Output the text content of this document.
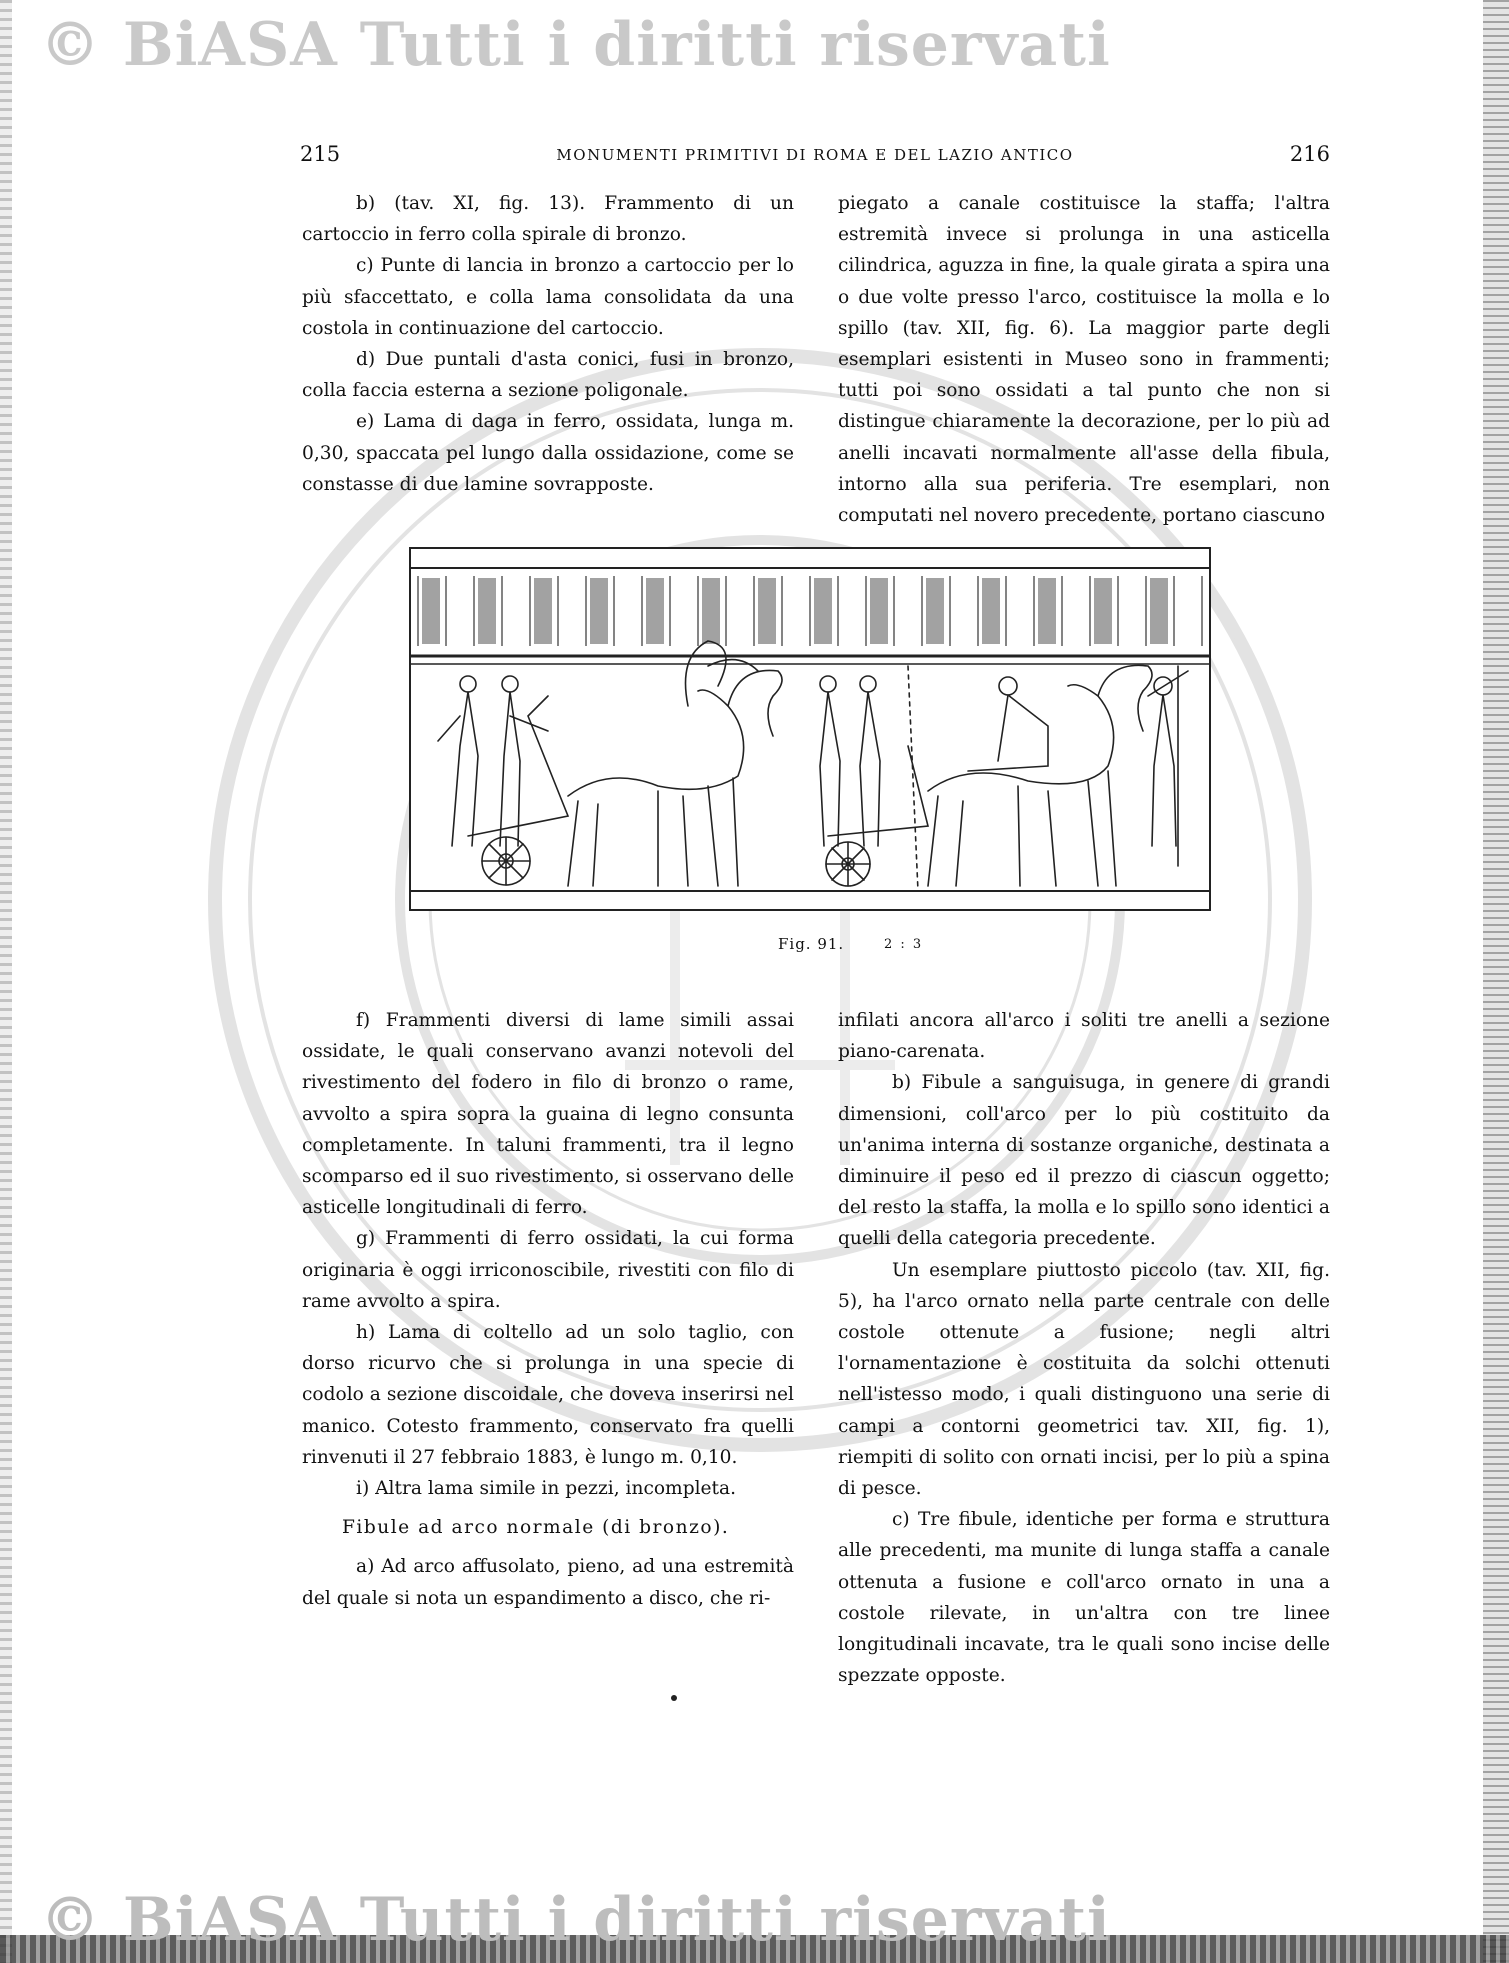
© BiASA Tutti i diritti riservati
© BiASA Tutti i diritti riservati
215	MONUMENTI PRIMITIVI DI ROMA E DEL LAZIO ANTICO	216

b) (tav. XI, fig. 13). Frammento di un cartoccio in ferro colla spirale di bronzo.

c) Punte di lancia in bronzo a cartoccio per lo più sfaccettato, e colla lama consolidata da una costola in continuazione del cartoccio.

d) Due puntali d'asta conici, fusi in bronzo, colla faccia esterna a sezione poligonale.

e) Lama di daga in ferro, ossidata, lunga m. 0,30, spaccata pel lungo dalla ossidazione, come se constasse di due lamine sovrapposte.

piegato a canale costituisce la staffa; l'altra estremità invece si prolunga in una asticella cilindrica, aguzza in fine, la quale girata a spira una o due volte presso l'arco, costituisce la molla e lo spillo (tav. XII, fig. 6). La maggior parte degli esemplari esistenti in Museo sono in frammenti; tutti poi sono ossidati a tal punto che non si distingue chiaramente la decorazione, per lo più ad anelli incavati normalmente all'asse della fibula, intorno alla sua periferia. Tre esemplari, non computati nel novero precedente, portano ciascuno

Fig. 91.	2 : 3

f) Frammenti diversi di lame simili assai ossidate, le quali conservano avanzi notevoli del rivestimento del fodero in filo di bronzo o rame, avvolto a spira sopra la guaina di legno consunta completamente. In taluni frammenti, tra il legno scomparso ed il suo rivestimento, si osservano delle asticelle longitudinali di ferro.

g) Frammenti di ferro ossidati, la cui forma originaria è oggi irriconoscibile, rivestiti con filo di rame avvolto a spira.

h) Lama di coltello ad un solo taglio, con dorso ricurvo che si prolunga in una specie di codolo a sezione discoidale, che doveva inserirsi nel manico. Cotesto frammento, conservato fra quelli rinvenuti il 27 febbraio 1883, è lungo m. 0,10.

i) Altra lama simile in pezzi, incompleta.

Fibule ad arco normale (di bronzo).

a) Ad arco affusolato, pieno, ad una estremità del quale si nota un espandimento a disco, che ri-

infilati ancora all'arco i soliti tre anelli a sezione piano-carenata.

b) Fibule a sanguisuga, in genere di grandi dimensioni, coll'arco per lo più costituito da un'anima interna di sostanze organiche, destinata a diminuire il peso ed il prezzo di ciascun oggetto; del resto la staffa, la molla e lo spillo sono identici a quelli della categoria precedente.

Un esemplare piuttosto piccolo (tav. XII, fig. 5), ha l'arco ornato nella parte centrale con delle costole ottenute a fusione; negli altri l'ornamentazione è costituita da solchi ottenuti nell'istesso modo, i quali distinguono una serie di campi a contorni geometrici tav. XII, fig. 1), riempiti di solito con ornati incisi, per lo più a spina di pesce.

c) Tre fibule, identiche per forma e struttura alle precedenti, ma munite di lunga staffa a canale ottenuta a fusione e coll'arco ornato in una a costole rilevate, in un'altra con tre linee longitudinali incavate, tra le quali sono incise delle spezzate opposte.
